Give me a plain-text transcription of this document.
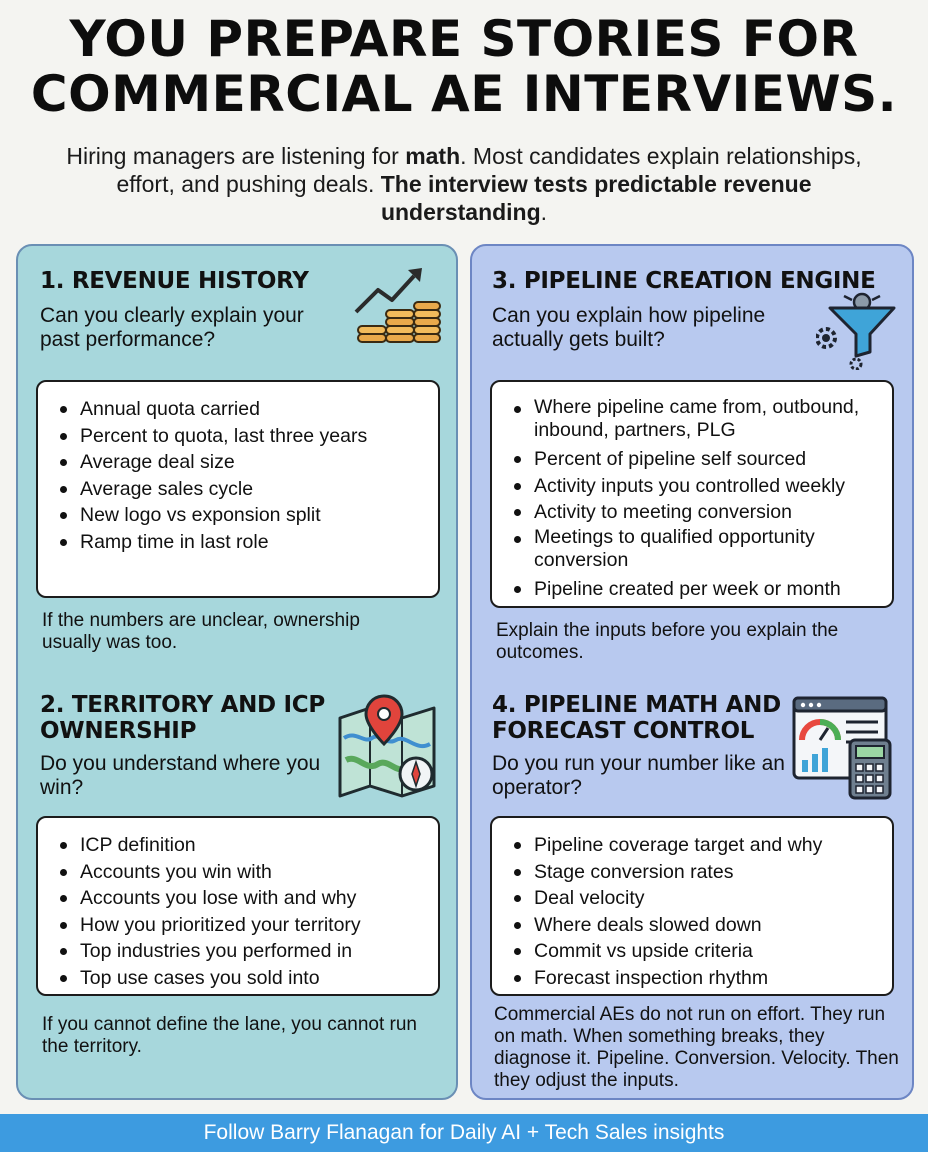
YOU PREPARE STORIES FOR
COMMERCIAL AE INTERVIEWS.
Hiring managers are listening for math. Most candidates explain relationships, effort, and pushing deals. The interview tests predictable revenue understanding.
1. REVENUE HISTORY
Can you clearly explain your past performance?
Annual quota carried
Percent to quota, last three years
Average deal size
Average sales cycle
New logo vs exponsion split
Ramp time in last role
If the numbers are unclear, ownership usually was too.
2. TERRITORY AND ICP OWNERSHIP
Do you understand where you win?
ICP definition
Accounts you win with
Accounts you lose with and why
How you prioritized your territory
Top industries you performed in
Top use cases you sold into
If you cannot define the lane, you cannot run the territory.
3. PIPELINE CREATION ENGINE
Can you explain how pipeline actually gets built?
Where pipeline came from, outbound, inbound, partners, PLG
Percent of pipeline self sourced
Activity inputs you controlled weekly
Activity to meeting conversion
Meetings to qualified opportunity conversion
Pipeline created per week or month
Explain the inputs before you explain the outcomes.
4. PIPELINE MATH AND FORECAST CONTROL
Do you run your number like an operator?
Pipeline coverage target and why
Stage conversion rates
Deal velocity
Where deals slowed down
Commit vs upside criteria
Forecast inspection rhythm
Commercial AEs do not run on effort. They run on math. When something breaks, they diagnose it. Pipeline. Conversion. Velocity. Then they odjust the inputs.
Follow Barry Flanagan for Daily AI + Tech Sales insights
